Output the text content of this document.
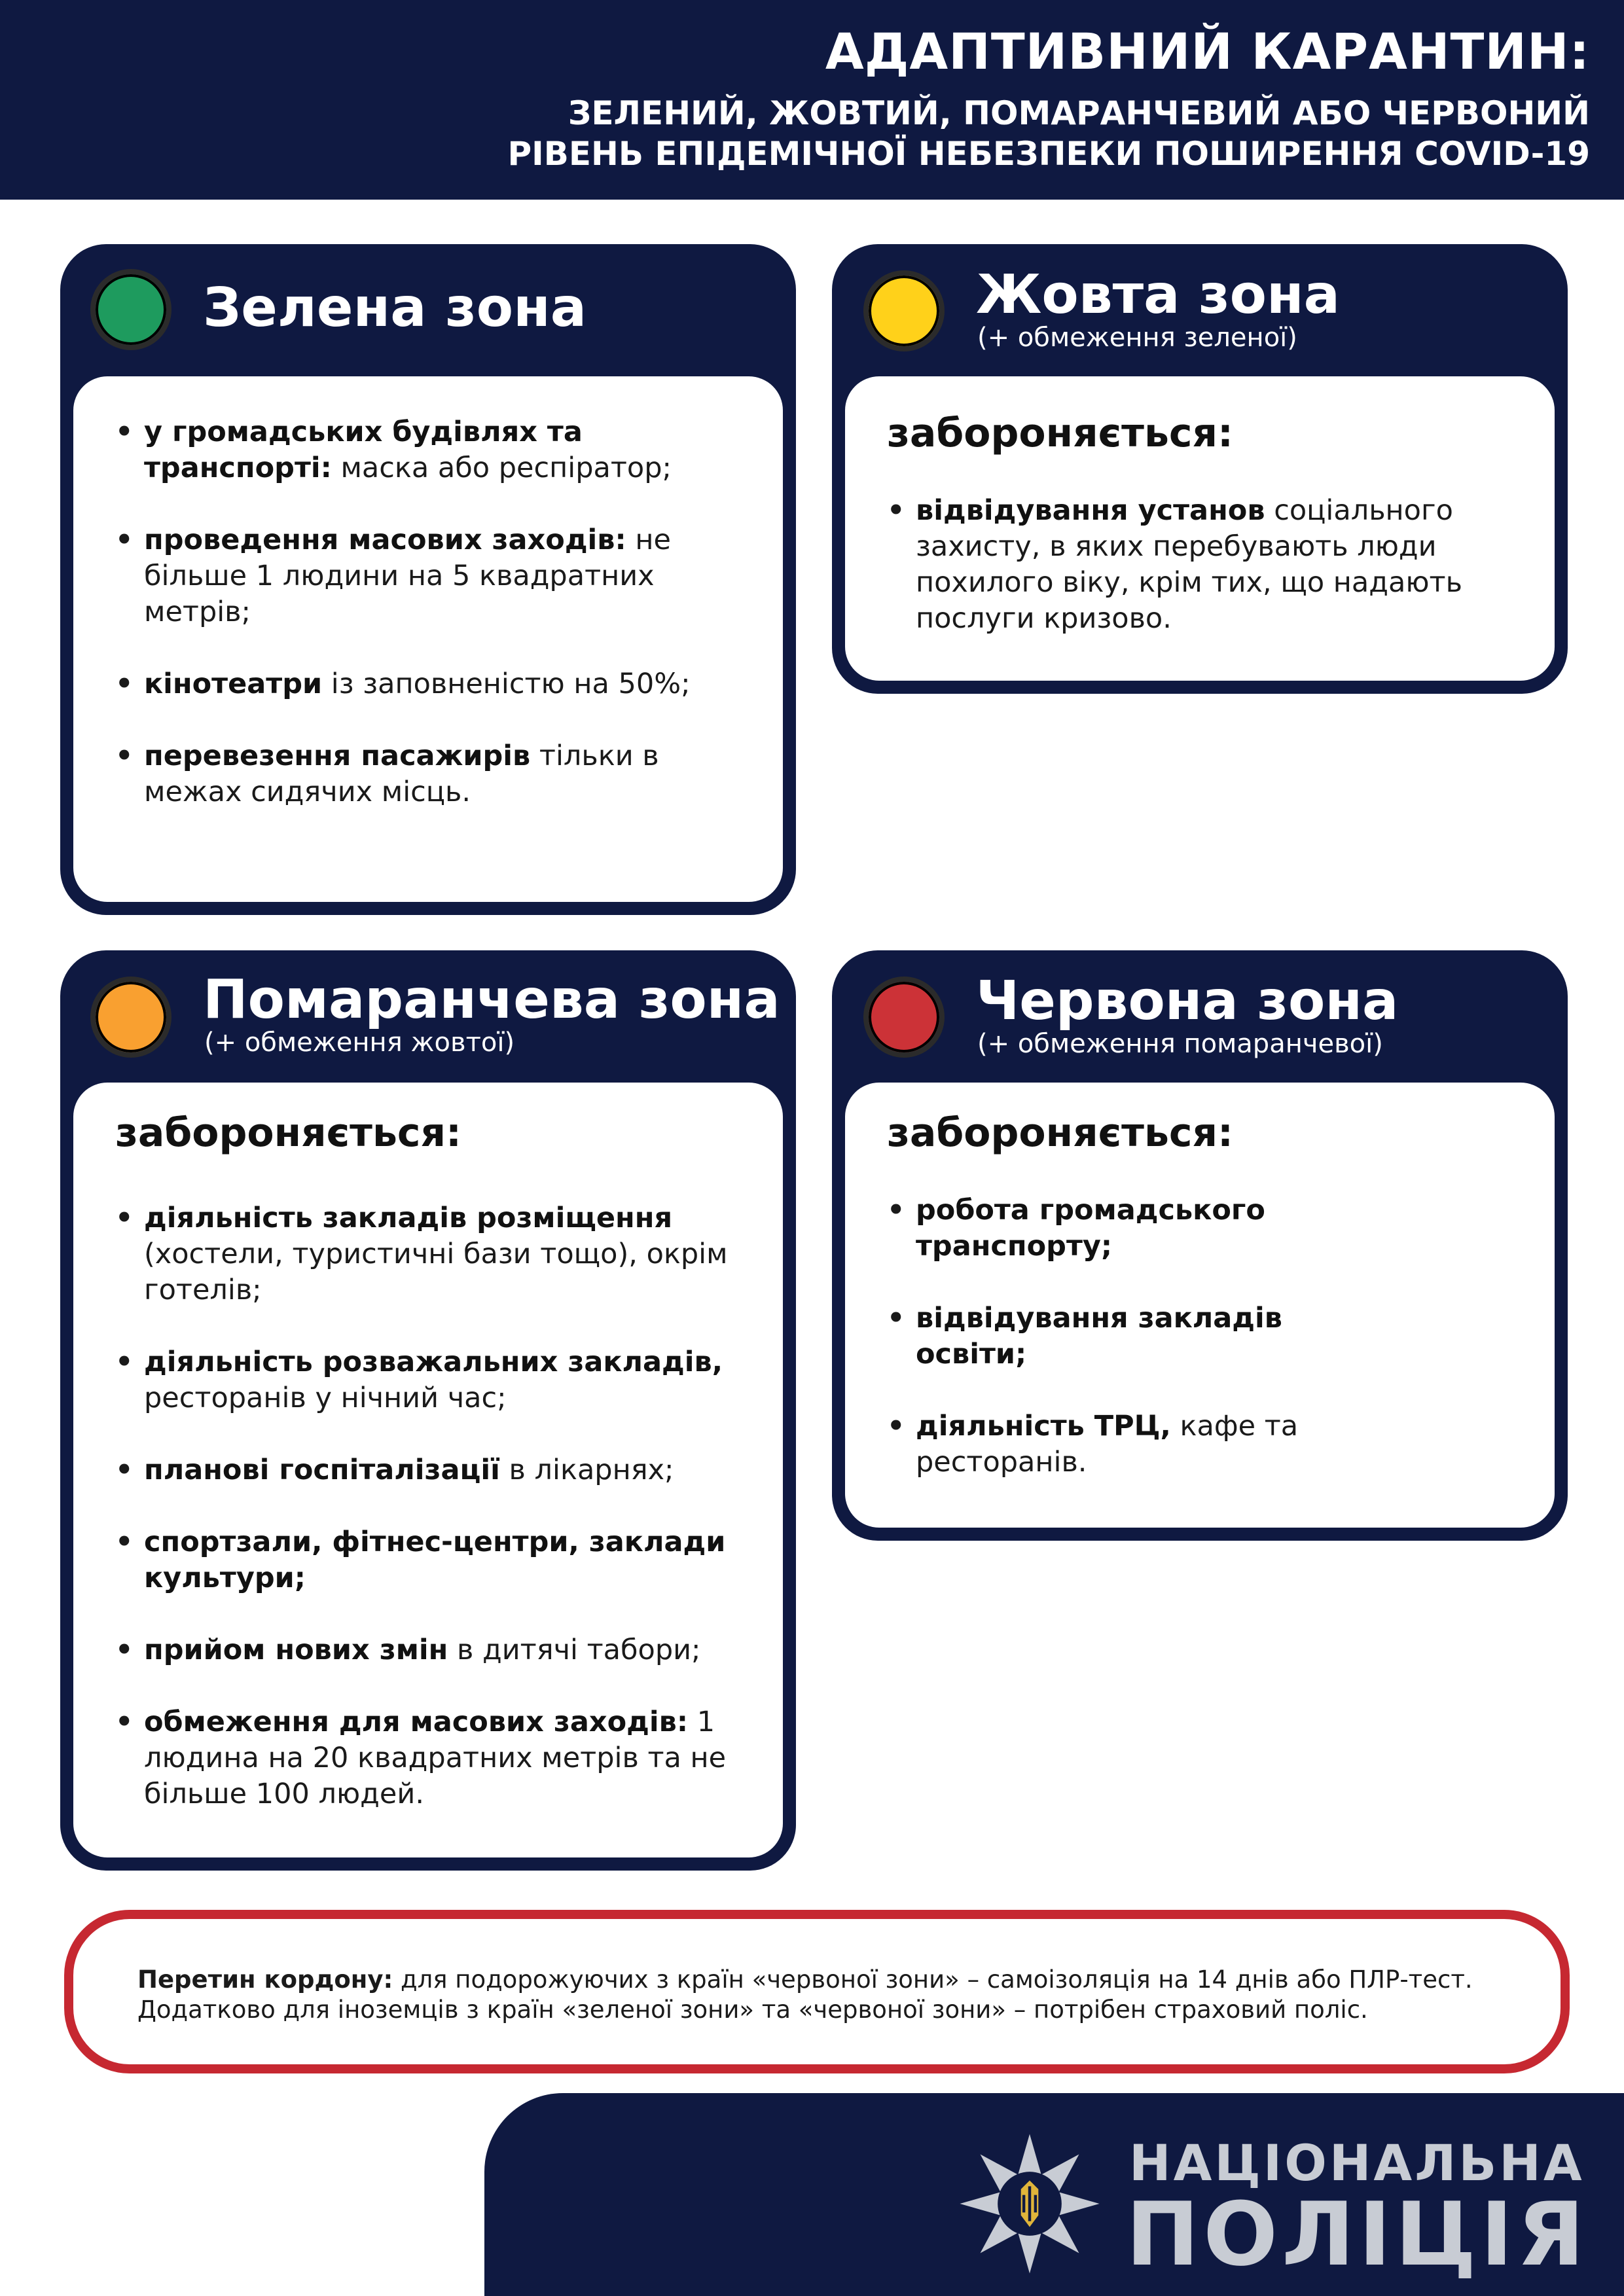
АДАПТИВНИЙ КАРАНТИН:
ЗЕЛЕНИЙ, ЖОВТИЙ, ПОМАРАНЧЕВИЙ АБО ЧЕРВОНИЙ
РІВЕНЬ ЕПІДЕМІЧНОЇ НЕБЕЗПЕКИ ПОШИРЕННЯ COVID-19
Зелена зона
• у громадських будівлях та транспорті: маска або респіратор;
• проведення масових заходів: не більше 1 людини на 5 квадратних метрів;
• кінотеатри із заповненістю на 50%;
• перевезення пасажирів тільки в межах сидячих місць.
Жовта зона
(+ обмеження зеленої)
забороняється:
• відвідування установ соціального захисту, в яких перебувають люди похилого віку, крім тих, що надають послуги кризово.
Помаранчева зона
(+ обмеження жовтої)
забороняється:
• діяльність закладів розміщення (хостели, туристичні бази тощо), окрім готелів;
• діяльність розважальних закладів, ресторанів у нічний час;
• планові госпіталізації в лікарнях;
• спортзали, фітнес-центри, заклади культури;
• прийом нових змін в дитячі табори;
• обмеження для масових заходів: 1 людина на 20 квадратних метрів та не більше 100 людей.
Червона зона
(+ обмеження помаранчевої)
забороняється:
• робота громадського транспорту;
• відвідування закладів освіти;
• діяльність ТРЦ, кафе та ресторанів.
Перетин кордону: для подорожуючих з країн «червоної зони» – самоізоляція на 14 днів або ПЛР-тест.
Додатково для іноземців з країн «зеленої зони» та «червоної зони» – потрібен страховий поліс.
НАЦІОНАЛЬНА
ПОЛІЦІЯ
